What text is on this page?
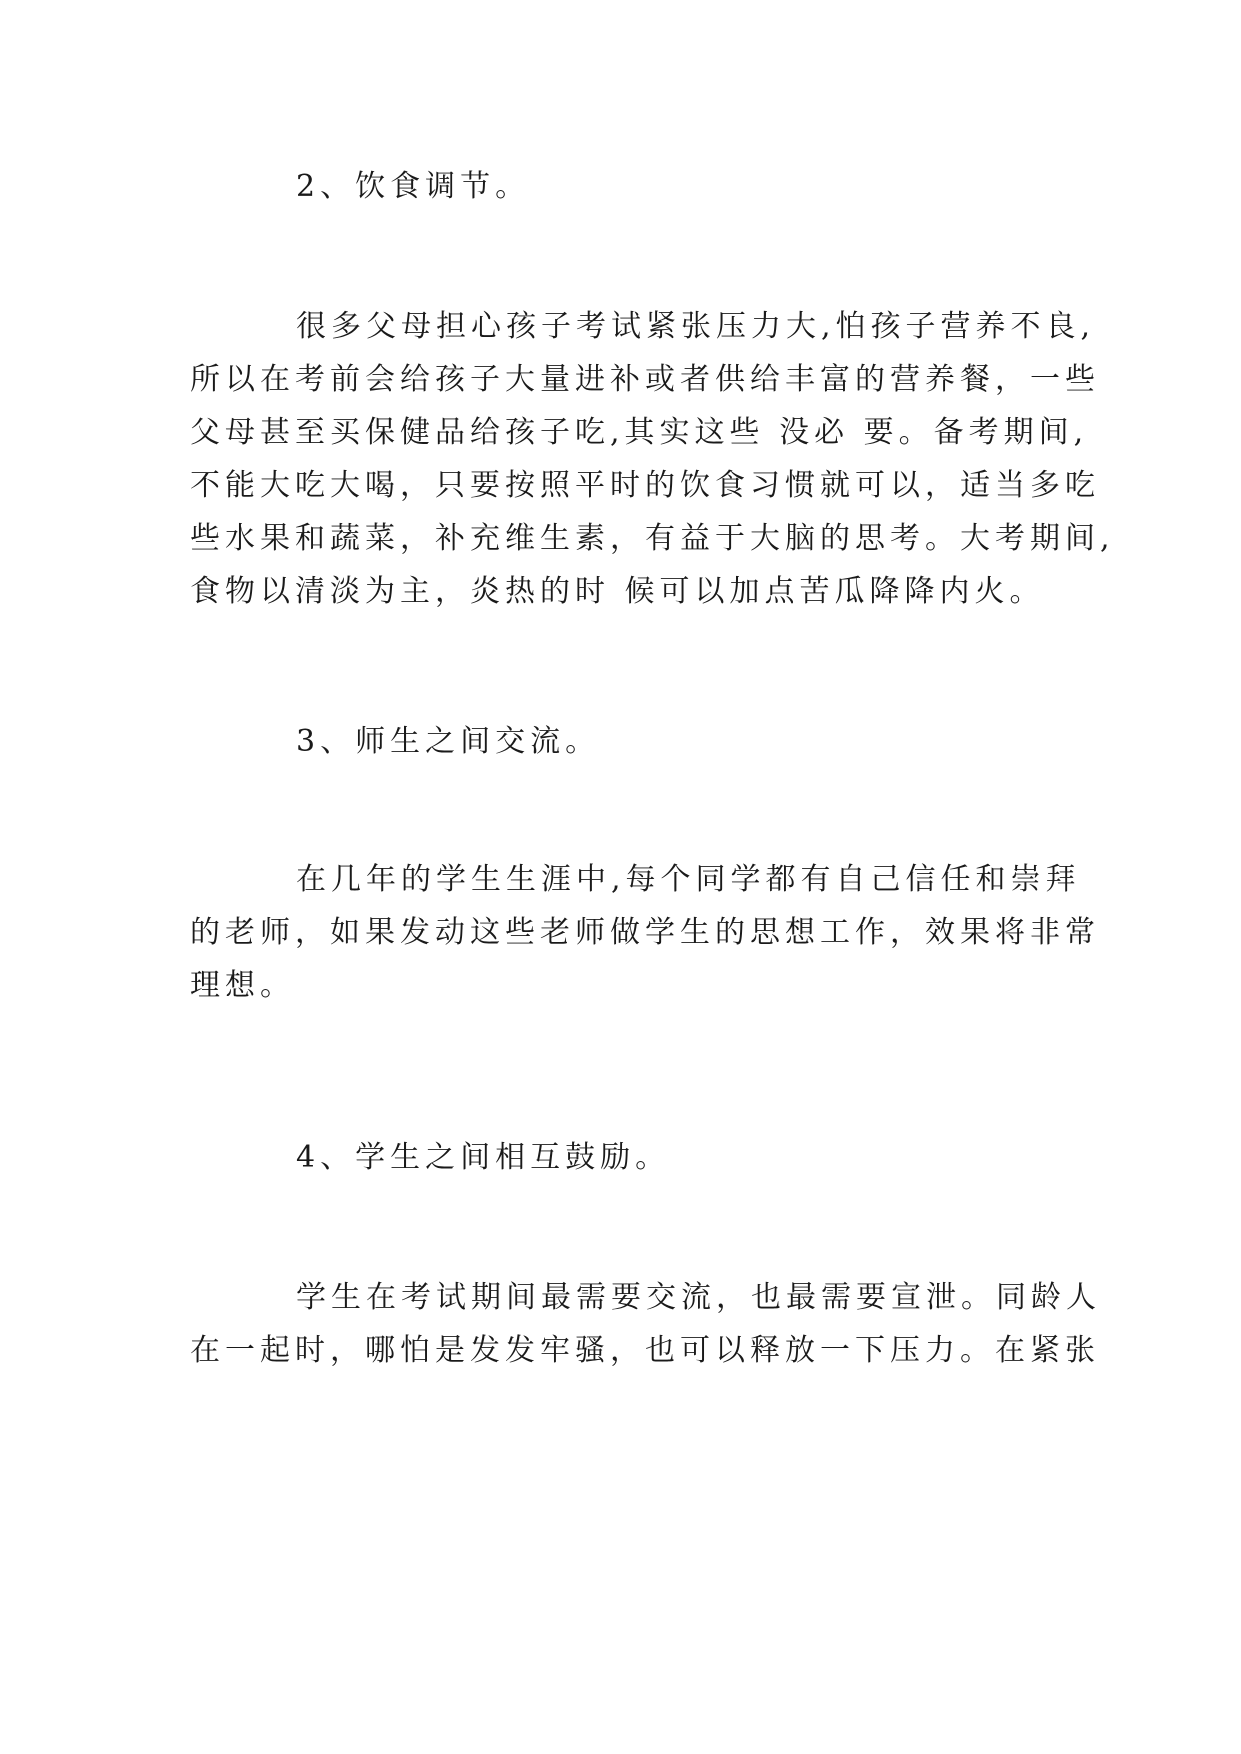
2、饮食调节。
很多父母担心孩子考试紧张压力大,怕孩子营养不良,
所以在考前会给孩子大量进补或者供给丰富的营养餐，一些
父母甚至买保健品给孩子吃,其实这些 没必 要。备考期间,
不能大吃大喝，只要按照平时的饮食习惯就可以，适当多吃
些水果和蔬菜，补充维生素，有益于大脑的思考。大考期间,
食物以清淡为主，炎热的时 候可以加点苦瓜降降内火。
3、师生之间交流。
在几年的学生生涯中,每个同学都有自己信任和崇拜
的老师，如果发动这些老师做学生的思想工作，效果将非常
理想。
4、学生之间相互鼓励。
学生在考试期间最需要交流，也最需要宣泄。同龄人
在一起时，哪怕是发发牢骚，也可以释放一下压力。在紧张
